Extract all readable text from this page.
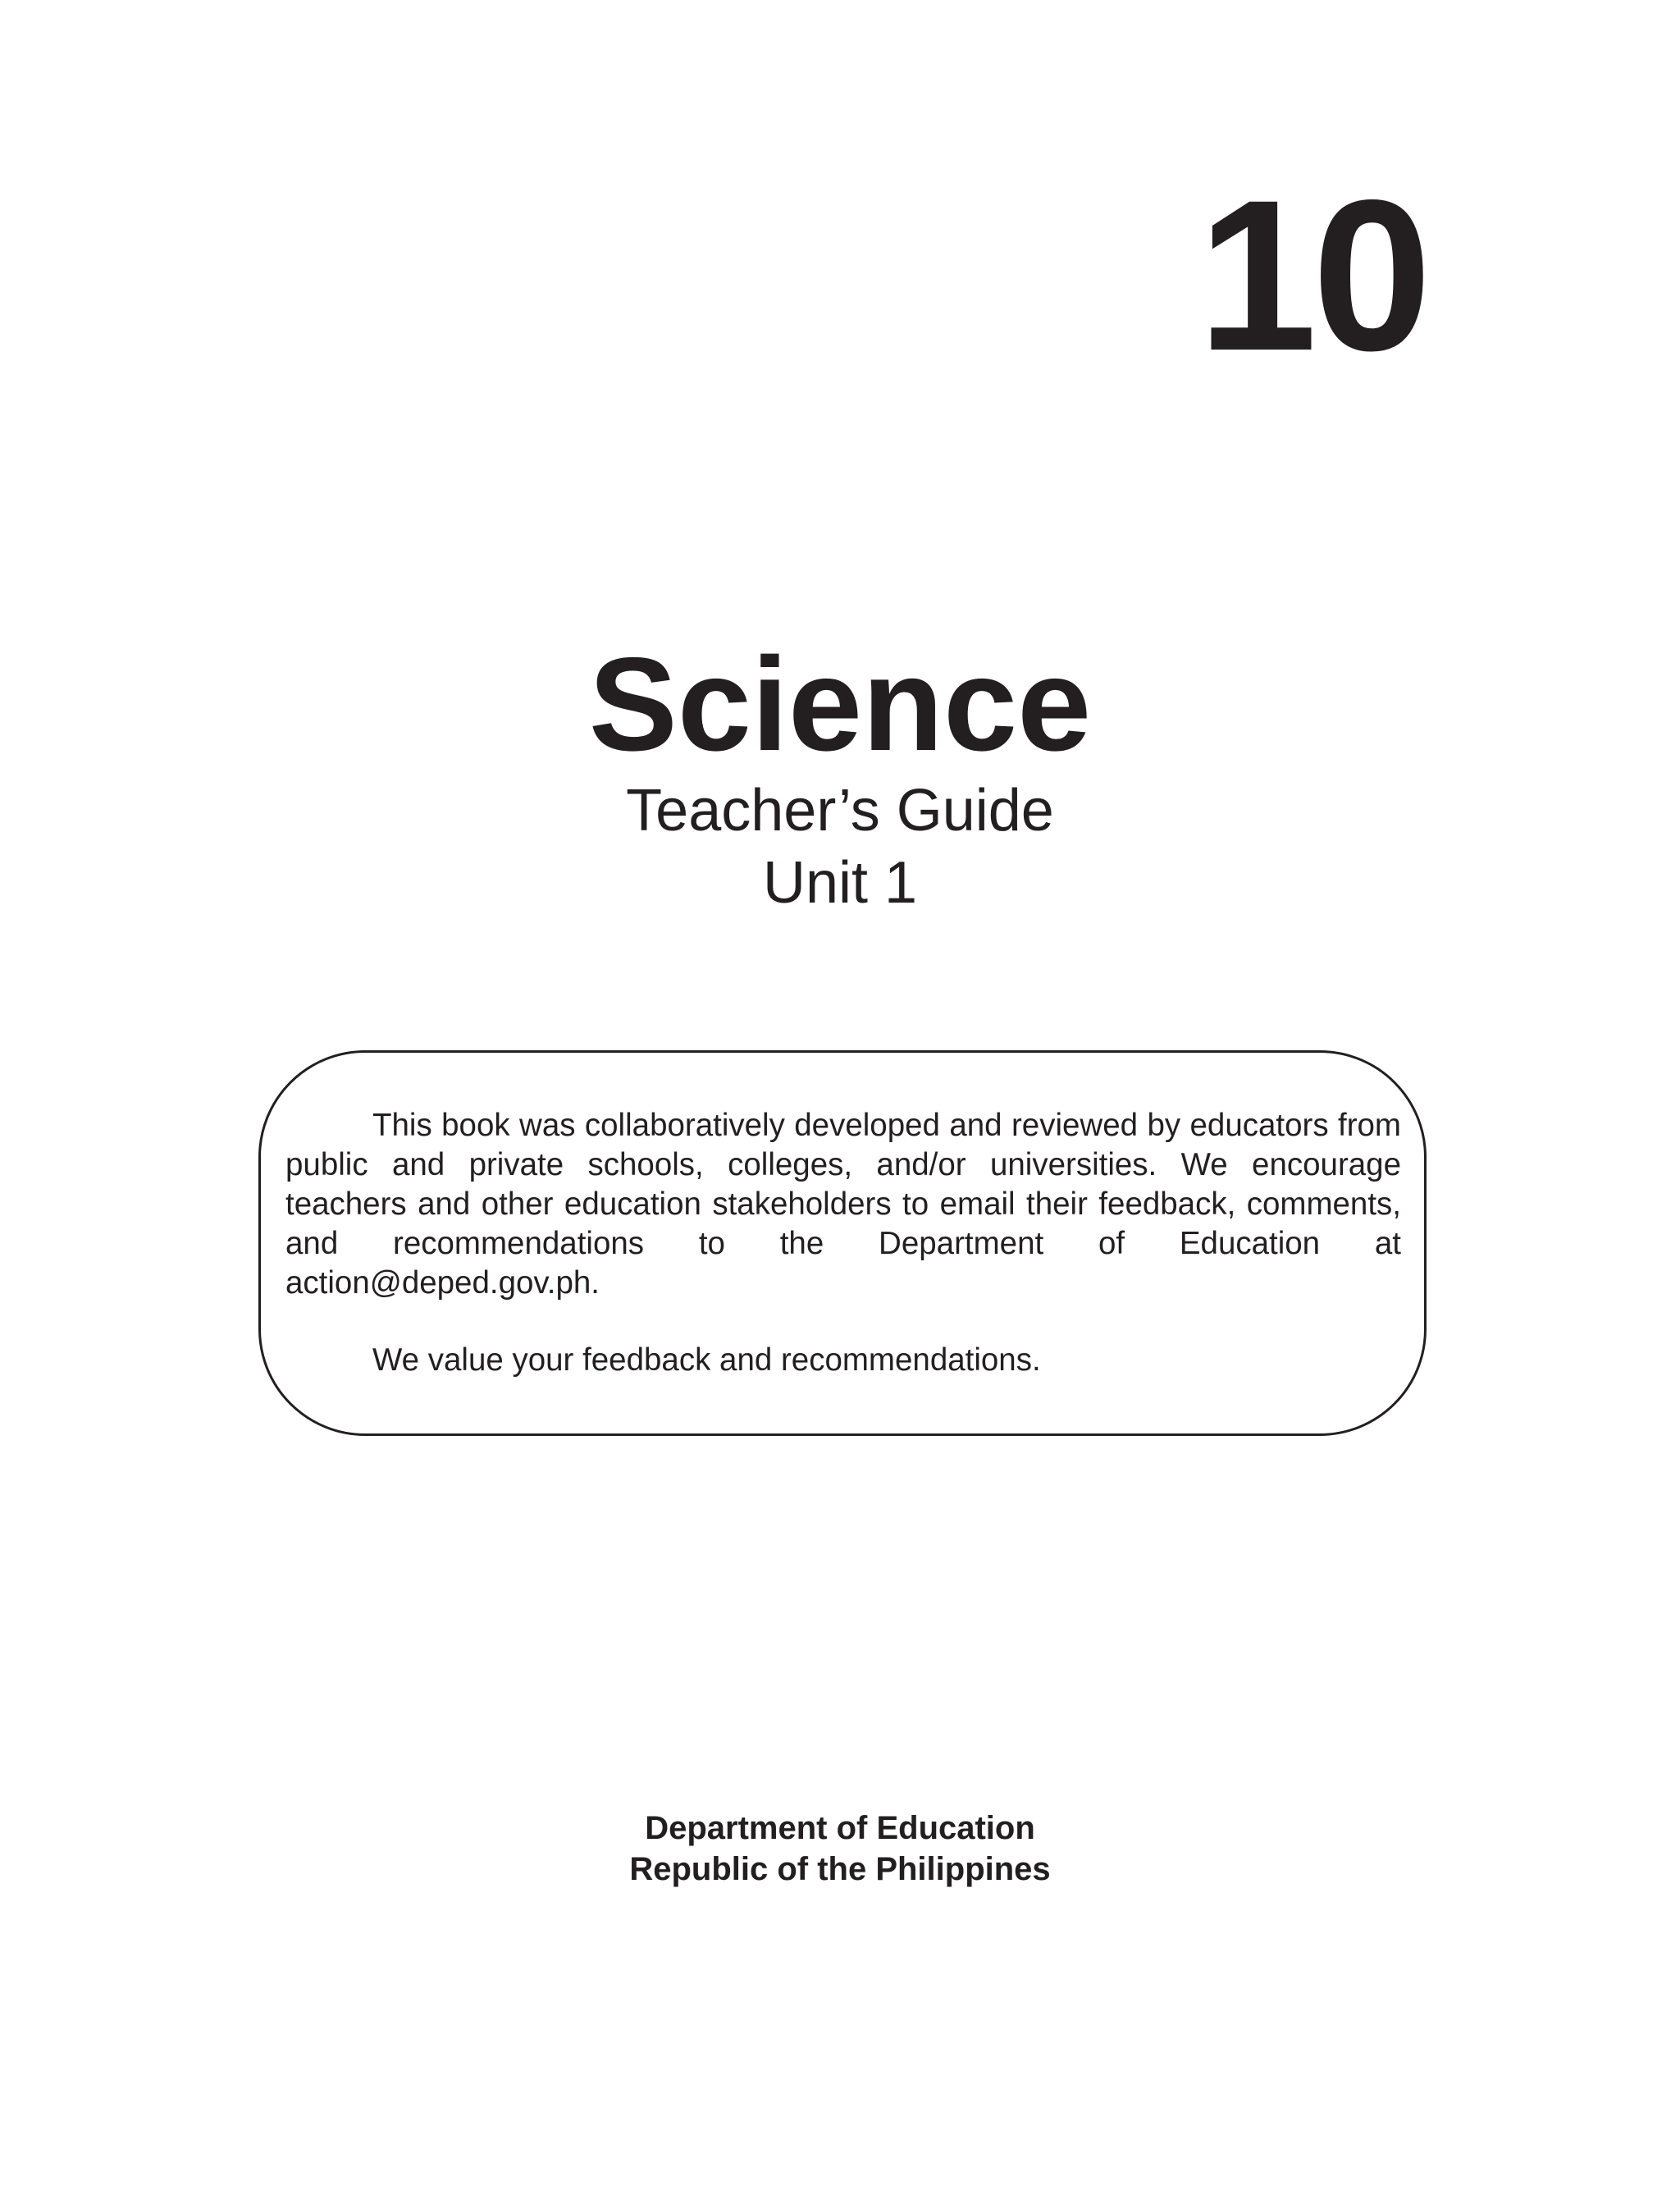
10
Science
Teacher’s Guide
Unit 1

This book was collaboratively developed and reviewed by educators from public and private schools, colleges, and/or universities. We encourage teachers and other education stakeholders to email their feedback, comments, and recommendations to the Department of Education at action@deped.gov.ph.

We value your feedback and recommendations.

Department of Education
Republic of the Philippines
